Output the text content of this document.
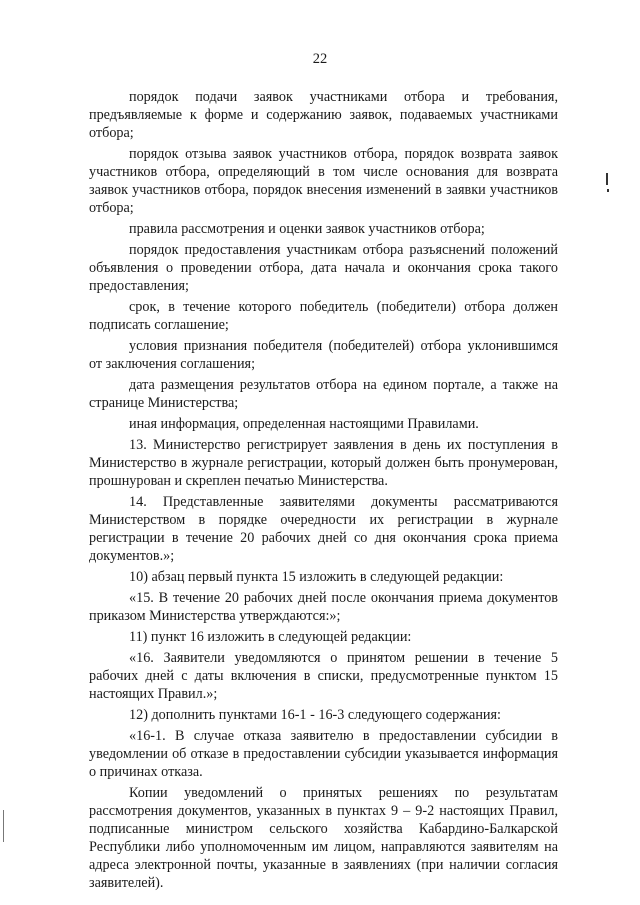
22

порядок подачи заявок участниками отбора и требования, предъявляемые к форме и содержанию заявок, подаваемых участниками отбора;

порядок отзыва заявок участников отбора, порядок возврата заявок участников отбора, определяющий в том числе основания для возврата заявок участников отбора, порядок внесения изменений в заявки участников отбора;

правила рассмотрения и оценки заявок участников отбора;

порядок предоставления участникам отбора разъяснений положений объявления о проведении отбора, дата начала и окончания срока такого предоставления;

срок, в течение которого победитель (победители) отбора должен подписать соглашение;

условия признания победителя (победителей) отбора уклонившимся от заключения соглашения;

дата размещения результатов отбора на едином портале, а также на странице Министерства;

иная информация, определенная настоящими Правилами.

13. Министерство регистрирует заявления в день их поступления в Министерство в журнале регистрации, который должен быть пронумерован, прошнурован и скреплен печатью Министерства.

14. Представленные заявителями документы рассматриваются Министерством в порядке очередности их регистрации в журнале регистрации в течение 20 рабочих дней со дня окончания срока приема документов.»;

10) абзац первый пункта 15 изложить в следующей редакции:

«15. В течение 20 рабочих дней после окончания приема документов приказом Министерства утверждаются:»;

11) пункт 16 изложить в следующей редакции:

«16. Заявители уведомляются о принятом решении в течение 5 рабочих дней с даты включения в списки, предусмотренные пунктом 15 настоящих Правил.»;

12) дополнить пунктами 16-1 - 16-3 следующего содержания:

«16-1. В случае отказа заявителю в предоставлении субсидии в уведомлении об отказе в предоставлении субсидии указывается информация о причинах отказа.

Копии уведомлений о принятых решениях по результатам рассмотрения документов, указанных в пунктах 9 – 9-2 настоящих Правил, подписанные министром сельского хозяйства Кабардино-Балкарской Республики либо уполномоченным им лицом, направляются заявителям на адреса электронной почты, указанные в заявлениях (при наличии согласия заявителей).
